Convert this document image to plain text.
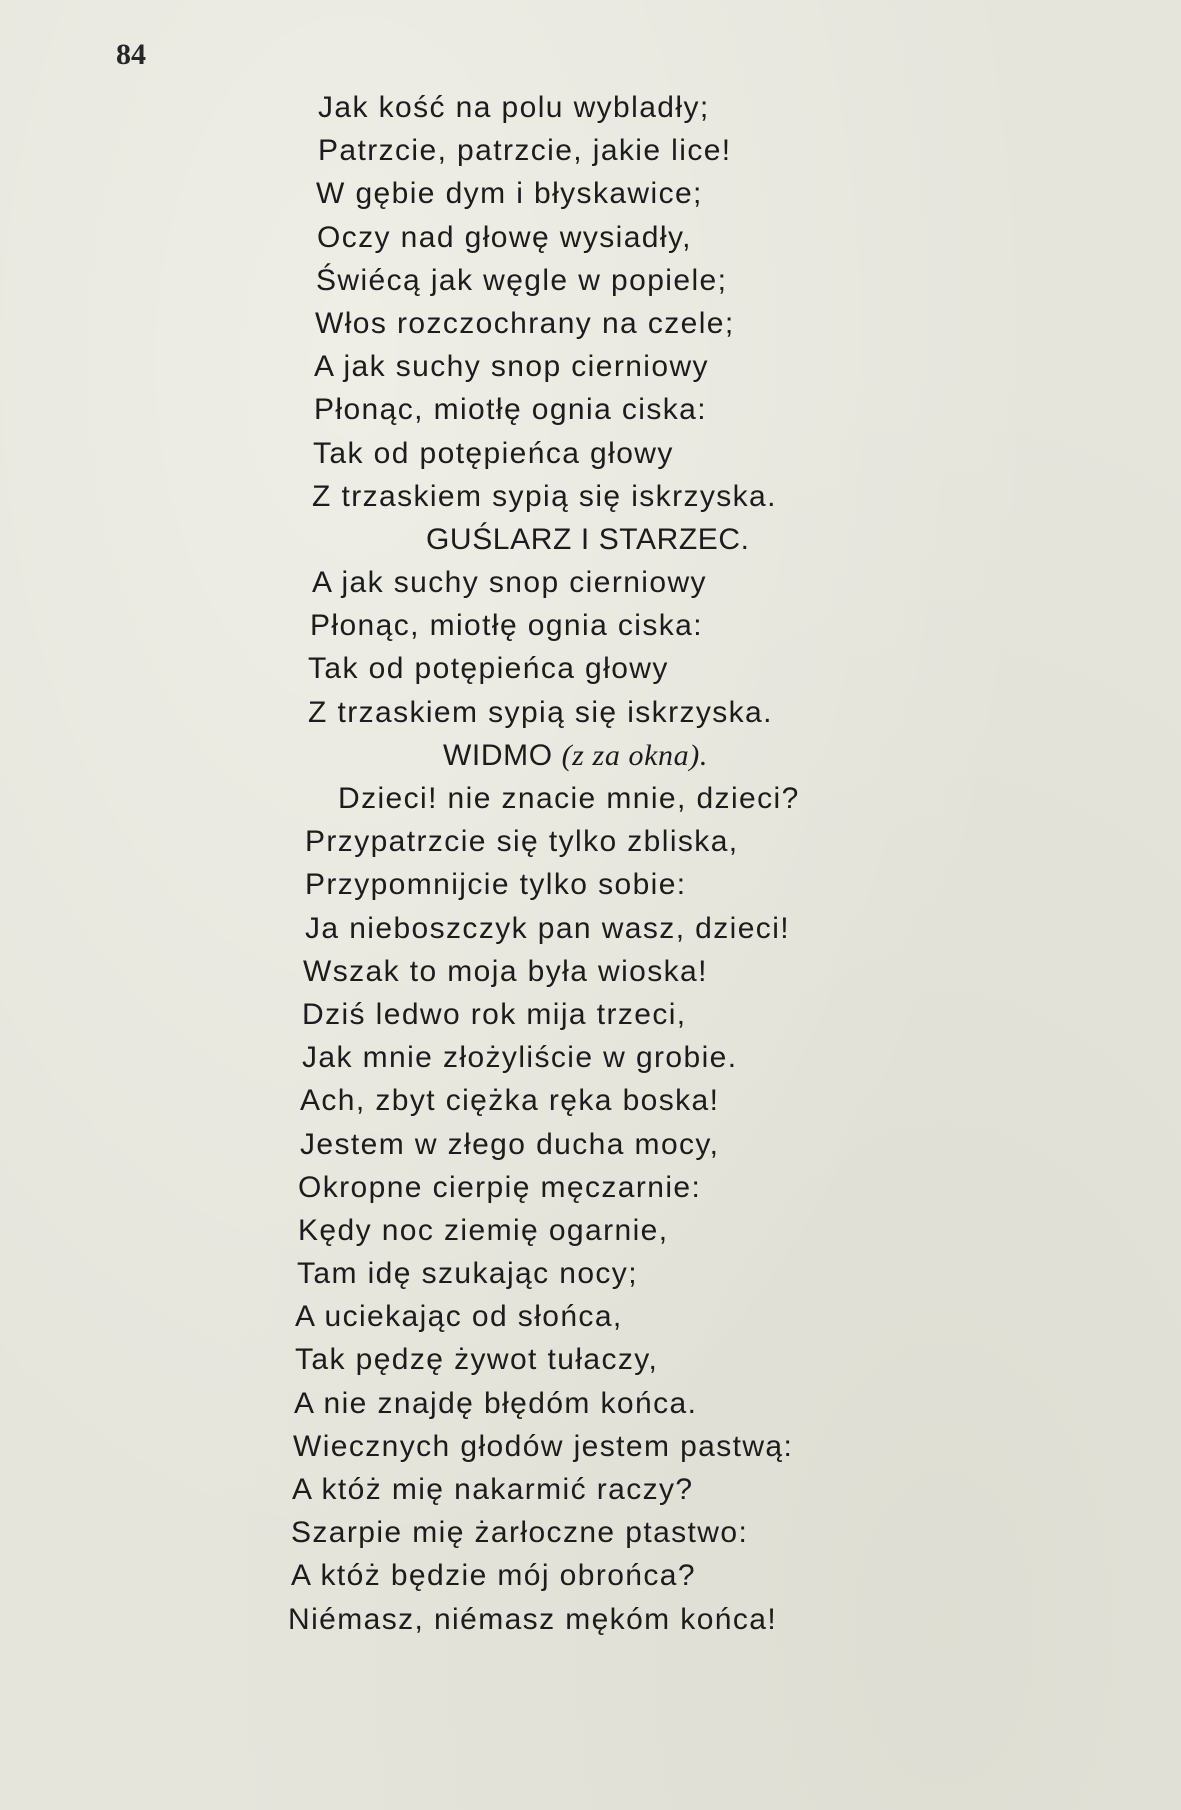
84
Jak kość na polu wybladły;
Patrzcie, patrzcie, jakie lice!
W gębie dym i błyskawice;
Oczy nad głowę wysiadły,
Świécą jak węgle w popiele;
Włos rozczochrany na czele;
A jak suchy snop cierniowy
Płonąc, miotłę ognia ciska:
Tak od potępieńca głowy
Z trzaskiem sypią się iskrzyska.
GUŚLARZ I STARZEC.
A jak suchy snop cierniowy
Płonąc, miotłę ognia ciska:
Tak od potępieńca głowy
Z trzaskiem sypią się iskrzyska.
WIDMO (z za okna).
Dzieci! nie znacie mnie, dzieci?
Przypatrzcie się tylko zbliska,
Przypomnijcie tylko sobie:
Ja nieboszczyk pan wasz, dzieci!
Wszak to moja była wioska!
Dziś ledwo rok mija trzeci,
Jak mnie złożyliście w grobie.
Ach, zbyt ciężka ręka boska!
Jestem w złego ducha mocy,
Okropne cierpię męczarnie:
Kędy noc ziemię ogarnie,
Tam idę szukając nocy;
A uciekając od słońca,
Tak pędzę żywot tułaczy,
A nie znajdę błędóm końca.
Wiecznych głodów jestem pastwą:
A któż mię nakarmić raczy?
Szarpie mię żarłoczne ptastwo:
A któż będzie mój obrońca?
Niémasz, niémasz mękóm końca!
